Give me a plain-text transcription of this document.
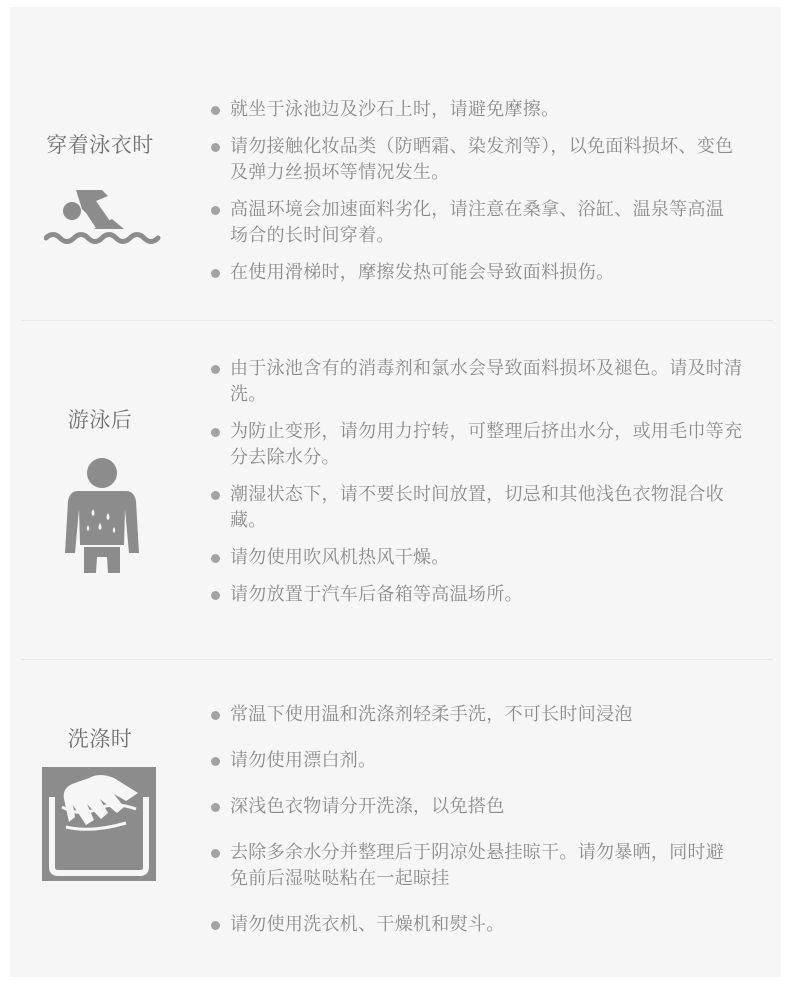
穿着泳衣时
就坐于泳池边及沙石上时，请避免摩擦。
请勿接触化妆品类（防晒霜、染发剂等），以免面料损坏、变色及弹力丝损坏等情况发生。
高温环境会加速面料劣化，请注意在桑拿、浴缸、温泉等高温场合的长时间穿着。
在使用滑梯时，摩擦发热可能会导致面料损伤。
游泳后
由于泳池含有的消毒剂和氯水会导致面料损坏及褪色。请及时清洗。
为防止变形，请勿用力拧转，可整理后挤出水分，或用毛巾等充分去除水分。
潮湿状态下，请不要长时间放置，切忌和其他浅色衣物混合收藏。
请勿使用吹风机热风干燥。
请勿放置于汽车后备箱等高温场所。
洗涤时
常温下使用温和洗涤剂轻柔手洗，不可长时间浸泡
请勿使用漂白剂。
深浅色衣物请分开洗涤，以免搭色
去除多余水分并整理后于阴凉处悬挂晾干。请勿暴晒，同时避免前后湿哒哒粘在一起晾挂
请勿使用洗衣机、干燥机和熨斗。
